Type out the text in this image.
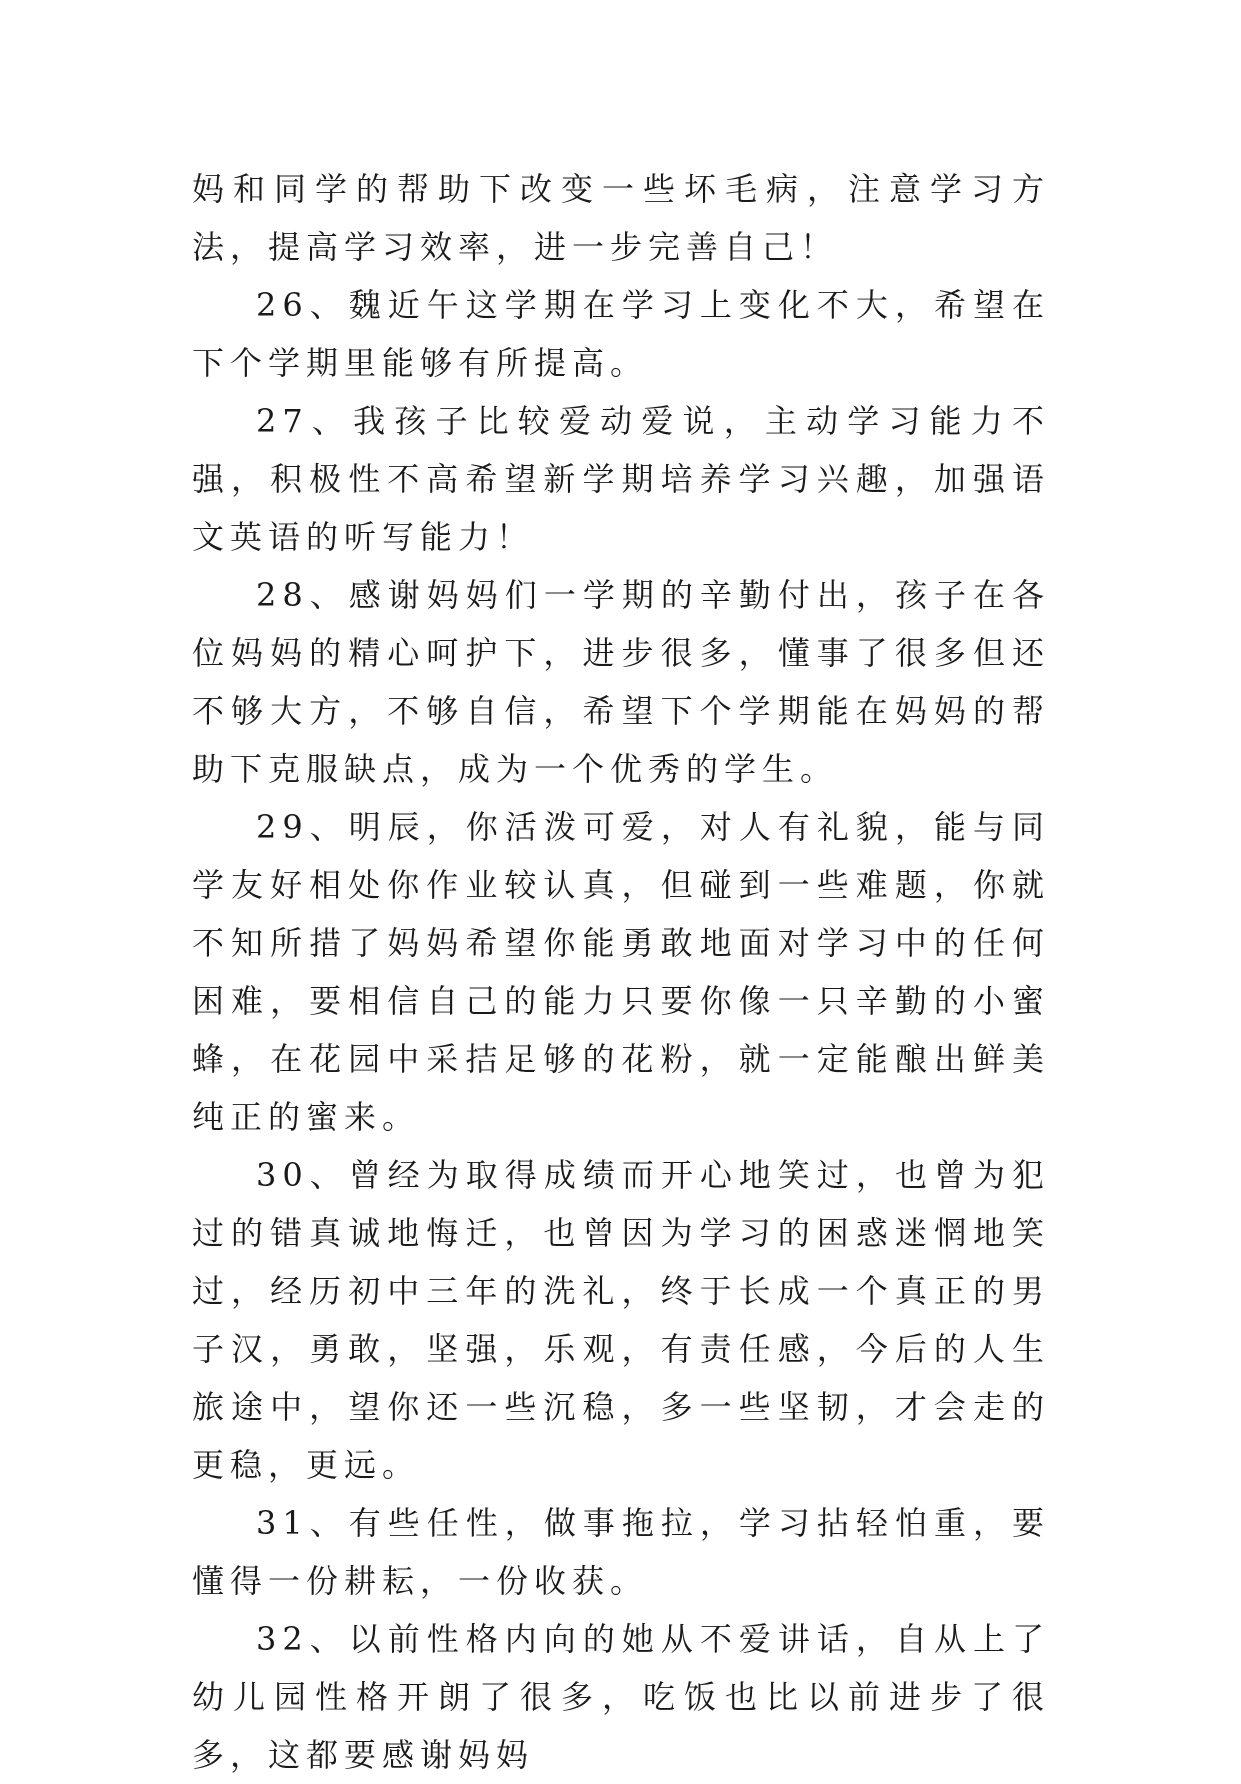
妈和同学的帮助下改变一些坏毛病，注意学习方法，提高学习效率，进一步完善自己！

26、魏近午这学期在学习上变化不大，希望在下个学期里能够有所提高。

27、我孩子比较爱动爱说，主动学习能力不强，积极性不高希望新学期培养学习兴趣，加强语文英语的听写能力！

28、感谢妈妈们一学期的辛勤付出，孩子在各位妈妈的精心呵护下，进步很多，懂事了很多但还不够大方，不够自信，希望下个学期能在妈妈的帮助下克服缺点，成为一个优秀的学生。

29、明辰，你活泼可爱，对人有礼貌，能与同学友好相处你作业较认真，但碰到一些难题，你就不知所措了妈妈希望你能勇敢地面对学习中的任何困难，要相信自己的能力只要你像一只辛勤的小蜜蜂，在花园中采拮足够的花粉，就一定能酿出鲜美纯正的蜜来。

30、曾经为取得成绩而开心地笑过，也曾为犯过的错真诚地悔迁，也曾因为学习的困惑迷惘地笑过，经历初中三年的洗礼，终于长成一个真正的男子汉，勇敢，坚强，乐观，有责任感，今后的人生旅途中，望你还一些沉稳，多一些坚韧，才会走的更稳，更远。

31、有些任性，做事拖拉，学习拈轻怕重，要懂得一份耕耘，一份收获。

32、以前性格内向的她从不爱讲话，自从上了幼儿园性格开朗了很多，吃饭也比以前进步了很多，这都要感谢妈妈
